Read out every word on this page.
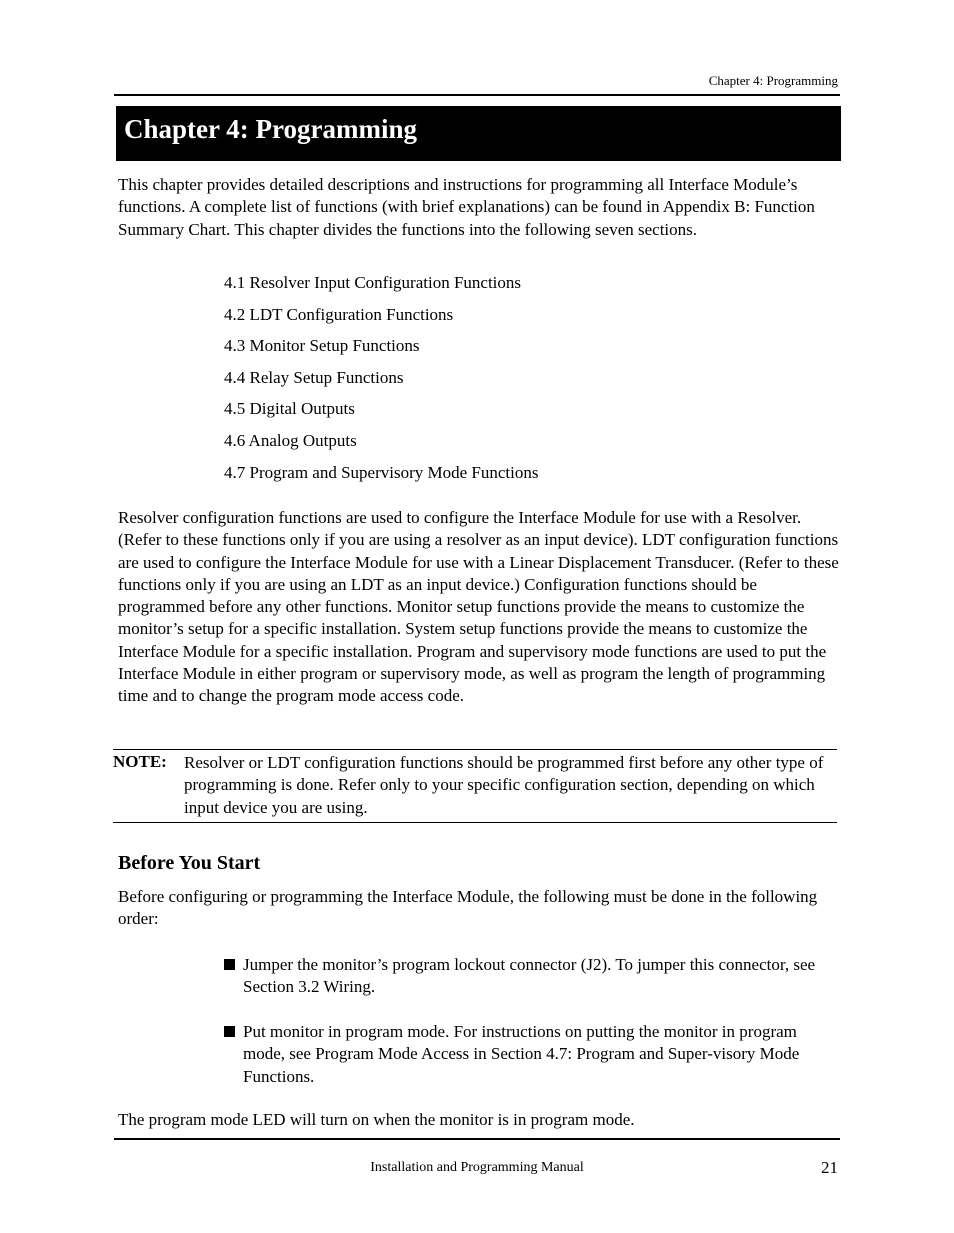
Chapter 4: Programming
Chapter 4: Programming
This chapter provides detailed descriptions and instructions for programming all Interface Module’s functions. A complete list of functions (with brief explanations) can be found in Appendix B: Function Summary Chart. This chapter divides the functions into the following seven sections.
4.1 Resolver Input Configuration Functions
4.2 LDT Configuration Functions
4.3 Monitor Setup Functions
4.4 Relay Setup Functions
4.5 Digital Outputs
4.6 Analog Outputs
4.7 Program and Supervisory Mode Functions
Resolver configuration functions are used to configure the Interface Module for use with a Resolver. (Refer to these functions only if you are using a resolver as an input device). LDT configuration functions are used to configure the Interface Module for use with a Linear Displacement Transducer. (Refer to these functions only if you are using an LDT as an input device.) Configuration functions should be programmed before any other functions. Monitor setup functions provide the means to customize the monitor’s setup for a specific installation. System setup functions provide the means to customize the Interface Module for a specific installation. Program and supervisory mode functions are used to put the Interface Module in either program or supervisory mode, as well as program the length of programming time and to change the program mode access code.
NOTE: Resolver or LDT configuration functions should be programmed first before any other type of programming is done. Refer only to your specific configuration section, depending on which input device you are using.
Before You Start
Before configuring or programming the Interface Module, the following must be done in the following order:
Jumper the monitor’s program lockout connector (J2). To jumper this connector, see Section 3.2 Wiring.
Put monitor in program mode. For instructions on putting the monitor in program mode, see Program Mode Access in Section 4.7: Program and Super-visory Mode Functions.
The program mode LED will turn on when the monitor is in program mode.
Installation and Programming Manual	21
